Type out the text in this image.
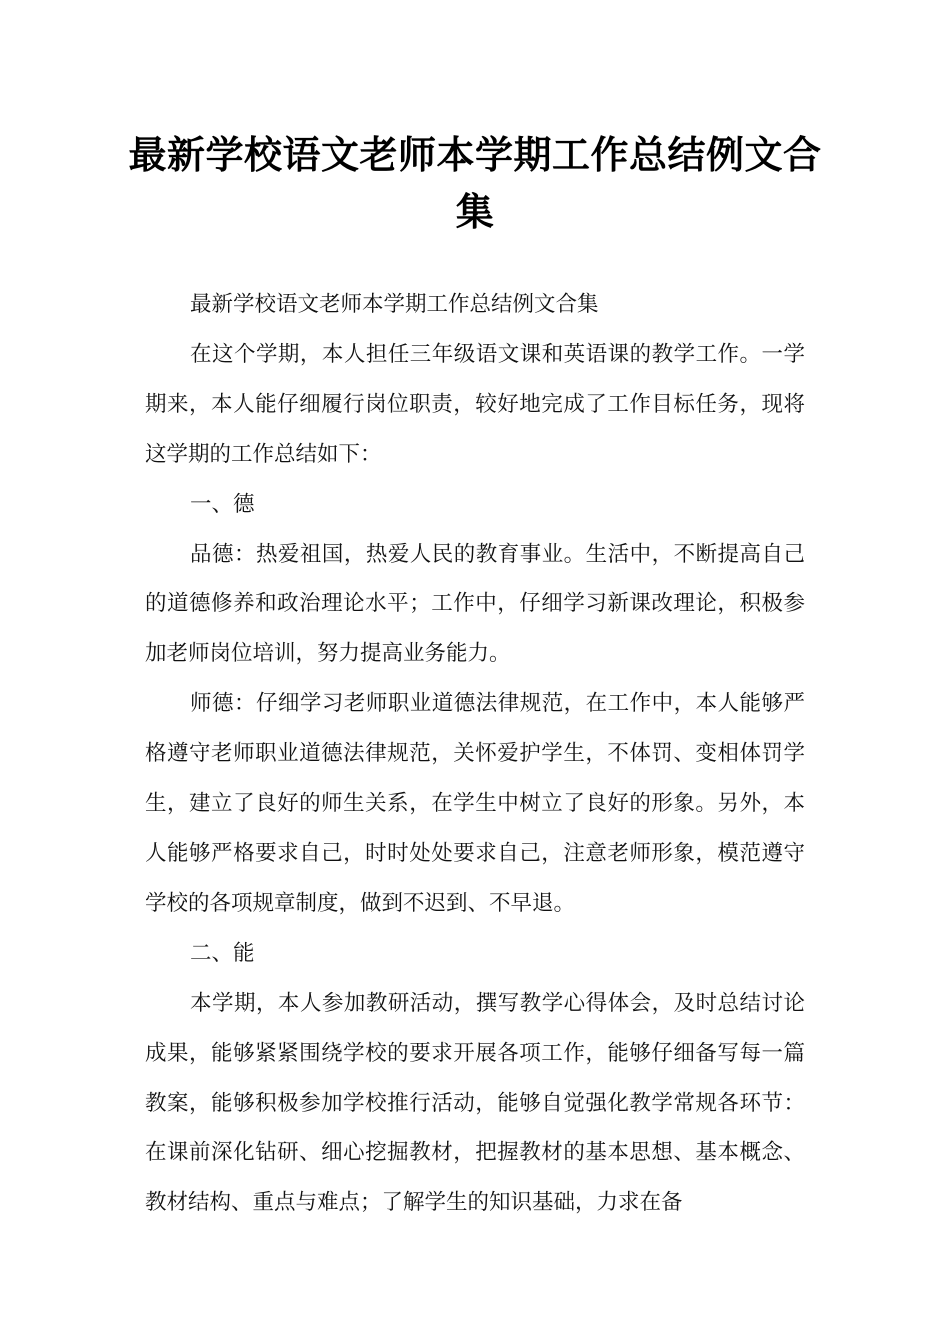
最新学校语文老师本学期工作总结例文合集

最新学校语文老师本学期工作总结例文合集

在这个学期，本人担任三年级语文课和英语课的教学工作。一学期来，本人能仔细履行岗位职责，较好地完成了工作目标任务，现将这学期的工作总结如下：

一、德

品德：热爱祖国，热爱人民的教育事业。生活中，不断提高自己的道德修养和政治理论水平；工作中，仔细学习新课改理论，积极参加老师岗位培训，努力提高业务能力。

师德：仔细学习老师职业道德法律规范，在工作中，本人能够严格遵守老师职业道德法律规范，关怀爱护学生，不体罚、变相体罚学生，建立了良好的师生关系，在学生中树立了良好的形象。另外，本人能够严格要求自己，时时处处要求自己，注意老师形象，模范遵守学校的各项规章制度，做到不迟到、不早退。

二、能

本学期，本人参加教研活动，撰写教学心得体会，及时总结讨论成果，能够紧紧围绕学校的要求开展各项工作，能够仔细备写每一篇教案，能够积极参加学校推行活动，能够自觉强化教学常规各环节：在课前深化钻研、细心挖掘教材，把握教材的基本思想、基本概念、教材结构、重点与难点；了解学生的知识基础，力求在备
